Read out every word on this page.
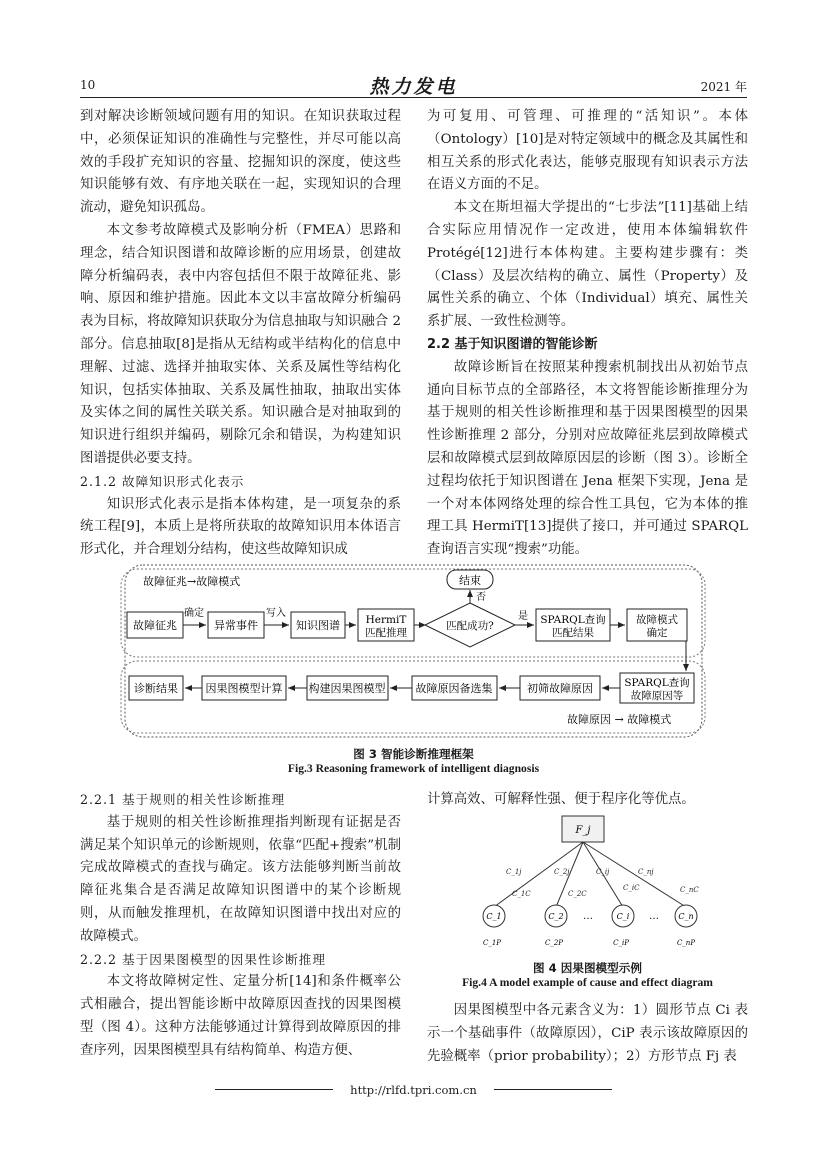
10	热力发电	2021 年

到对解决诊断领域问题有用的知识。在知识获取过程中，必须保证知识的准确性与完整性，并尽可能以高效的手段扩充知识的容量、挖掘知识的深度，使这些知识能够有效、有序地关联在一起，实现知识的合理流动，避免知识孤岛。

本文参考故障模式及影响分析（FMEA）思路和理念，结合知识图谱和故障诊断的应用场景，创建故障分析编码表，表中内容包括但不限于故障征兆、影响、原因和维护措施。因此本文以丰富故障分析编码表为目标，将故障知识获取分为信息抽取与知识融合 2 部分。信息抽取[8]是指从无结构或半结构化的信息中理解、过滤、选择并抽取实体、关系及属性等结构化知识，包括实体抽取、关系及属性抽取，抽取出实体及实体之间的属性关联关系。知识融合是对抽取到的知识进行组织并编码，剔除冗余和错误，为构建知识图谱提供必要支持。

2.1.2 故障知识形式化表示

知识形式化表示是指本体构建，是一项复杂的系统工程[9]，本质上是将所获取的故障知识用本体语言形式化，并合理划分结构，使这些故障知识成

为可复用、可管理、可推理的“活知识”。本体（Ontology）[10]是对特定领域中的概念及其属性和相互关系的形式化表达，能够克服现有知识表示方法在语义方面的不足。

本文在斯坦福大学提出的“七步法”[11]基础上结合实际应用情况作一定改进，使用本体编辑软件Protégé[12]进行本体构建。主要构建步骤有：类（Class）及层次结构的确立、属性（Property）及属性关系的确立、个体（Individual）填充、属性关系扩展、一致性检测等。

2.2 基于知识图谱的智能诊断

故障诊断旨在按照某种搜索机制找出从初始节点通向目标节点的全部路径，本文将智能诊断推理分为基于规则的相关性诊断推理和基于因果图模型的因果性诊断推理 2 部分，分别对应故障征兆层到故障模式层和故障模式层到故障原因层的诊断（图 3）。诊断全过程均依托于知识图谱在 Jena 框架下实现，Jena 是一个对本体网络处理的综合性工具包，它为本体的推理工具 HermiT[13]提供了接口，并可通过 SPARQL 查询语言实现“搜索”功能。

故障征兆→故障模式
故障原因 → 故障模式
结束
否
故障征兆
确定
异常事件
写入
知识图谱 HermiT
匹配推理
匹配成功?
是 SPARQL查询
匹配结果
故障模式
确定
SPARQL查询
故障原因等
初筛故障原因
故障原因备选集
构建因果图模型
因果图模型计算
诊断结果
图 3 智能诊断推理框架
Fig.3 Reasoning framework of intelligent diagnosis
2.2.1 基于规则的相关性诊断推理

基于规则的相关性诊断推理指判断现有证据是否满足某个知识单元的诊断规则，依靠“匹配+搜索”机制完成故障模式的查找与确定。该方法能够判断当前故障征兆集合是否满足故障知识图谱中的某个诊断规则，从而触发推理机，在故障知识图谱中找出对应的故障模式。

2.2.2 基于因果图模型的因果性诊断推理

本文将故障树定性、定量分析[14]和条件概率公式相融合，提出智能诊断中故障原因查找的因果图模型（图 4）。这种方法能够通过计算得到故障原因的排查序列，因果图模型具有结构简单、构造方便、

计算高效、可解释性强、便于程序化等优点。

F_j
C_1j	C_2j	C_ij	C_nj
C_1C	C_2C
C_iC	C_nC
C_1	C_2	C_i	C_n
…	…
C_1P	C_2P	C_iP	C_nP
图 4 因果图模型示例
Fig.4 A model example of cause and effect diagram

因果图模型中各元素含义为：1）圆形节点 Ci 表示一个基础事件（故障原因），CiP 表示该故障原因的先验概率（prior probability）；2）方形节点 Fj 表

http://rlfd.tpri.com.cn
